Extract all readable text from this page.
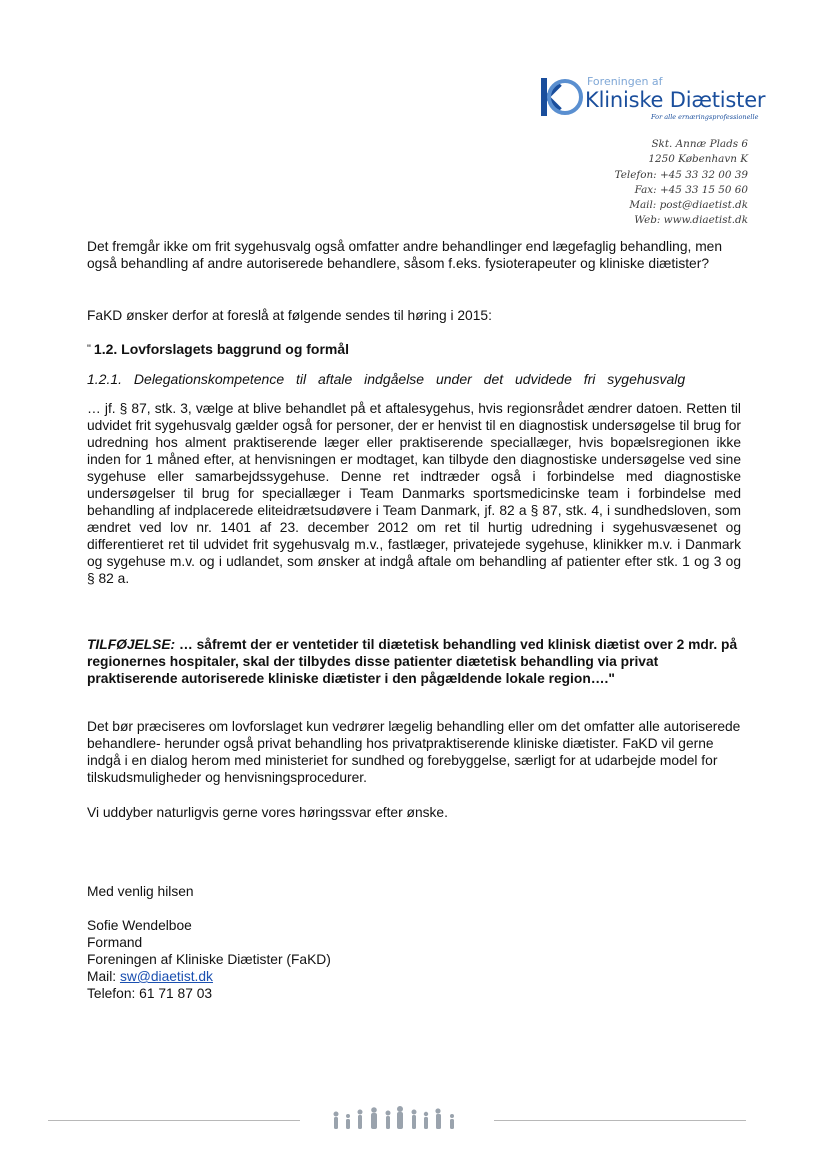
Foreningen af
Kliniske Diætister
For alle ernæringsprofessionelle
Skt. Annæ Plads 6
1250 København K
Telefon: +45 33 32 00 39
Fax: +45 33 15 50 60
Mail: post@diaetist.dk
Web: www.diaetist.dk

Det fremgår ikke om frit sygehusvalg også omfatter andre behandlinger end lægefaglig behandling, men også behandling af andre autoriserede behandlere, såsom f.eks. fysioterapeuter og kliniske diætister?

FaKD ønsker derfor at foreslå at følgende sendes til høring i 2015:

" 1.2. Lovforslagets baggrund og formål
1.2.1. Delegationskompetence til aftale indgåelse under det udvidede fri sygehusvalg

… jf. § 87, stk. 3, vælge at blive behandlet på et aftalesygehus, hvis regionsrådet ændrer datoen. Retten til udvidet frit sygehusvalg gælder også for personer, der er henvist til en diagnostisk undersøgelse til brug for udredning hos alment praktiserende læger eller praktiserende speciallæger, hvis bopælsregionen ikke inden for 1 måned efter, at henvisningen er modtaget, kan tilbyde den diagnostiske undersøgelse ved sine sygehuse eller samarbejdssygehuse. Denne ret indtræder også i forbindelse med diagnostiske undersøgelser til brug for speciallæger i Team Danmarks sportsmedicinske team i forbindelse med behandling af indplacerede eliteidrætsudøvere i Team Danmark, jf. 82 a § 87, stk. 4, i sundhedsloven, som ændret ved lov nr. 1401 af 23. december 2012 om ret til hurtig udredning i sygehusvæsenet og differentieret ret til udvidet frit sygehusvalg m.v., fastlæger, privatejede sygehuse, klinikker m.v. i Danmark og sygehuse m.v. og i udlandet, som ønsker at indgå aftale om behandling af patienter efter stk. 1 og 3 og § 82 a.

TILFØJELSE: … såfremt der er ventetider til diætetisk behandling ved klinisk diætist over 2 mdr. på regionernes hospitaler, skal der tilbydes disse patienter diætetisk behandling via privat praktiserende autoriserede kliniske diætister i den pågældende lokale region…."

Det bør præciseres om lovforslaget kun vedrører lægelig behandling eller om det omfatter alle autoriserede behandlere- herunder også privat behandling hos privatpraktiserende kliniske diætister. FaKD vil gerne indgå i en dialog herom med ministeriet for sundhed og forebyggelse, særligt for at udarbejde model for tilskudsmuligheder og henvisningsprocedurer.

Vi uddyber naturligvis gerne vores høringssvar efter ønske.

Med venlig hilsen
Sofie Wendelboe
Formand
Foreningen af Kliniske Diætister (FaKD)
Mail: sw@diaetist.dk
Telefon: 61 71 87 03
